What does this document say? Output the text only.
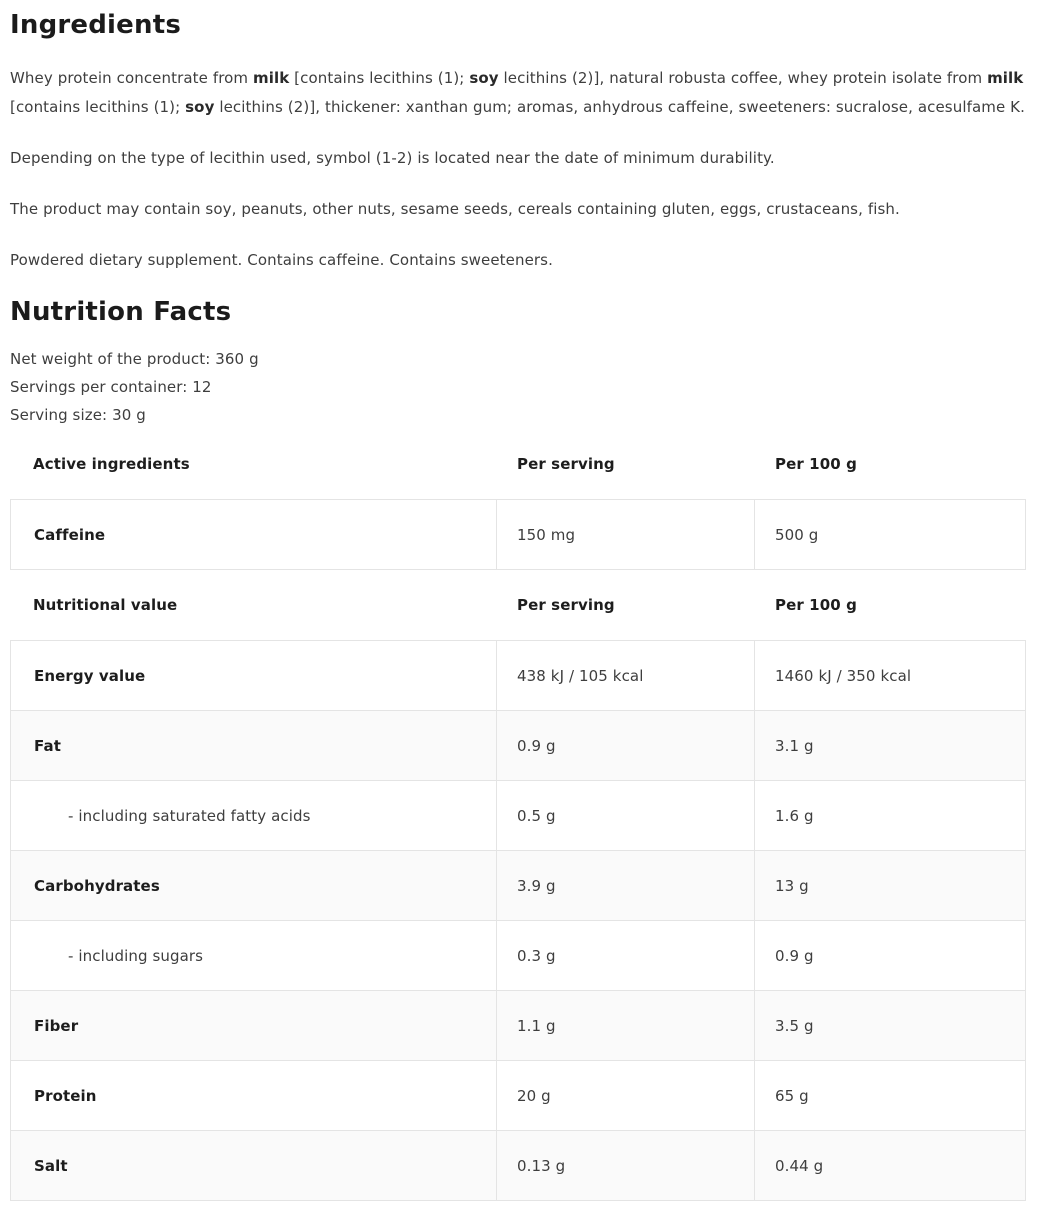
Ingredients

Whey protein concentrate from milk [contains lecithins (1); soy lecithins (2)], natural robusta coffee, whey protein isolate from milk [contains lecithins (1); soy lecithins (2)], thickener: xanthan gum; aromas, anhydrous caffeine, sweeteners: sucralose, acesulfame K.

Depending on the type of lecithin used, symbol (1-2) is located near the date of minimum durability.

The product may contain soy, peanuts, other nuts, sesame seeds, cereals containing gluten, eggs, crustaceans, fish.

Powdered dietary supplement. Contains caffeine. Contains sweeteners.

Nutrition Facts

Net weight of the product: 360 g

Servings per container: 12

Serving size: 30 g

Active ingredients	Per serving	Per 100 g
Caffeine	150 mg	500 g
Nutritional value	Per serving	Per 100 g
Energy value	438 kJ / 105 kcal	1460 kJ / 350 kcal
Fat	0.9 g	3.1 g
- including saturated fatty acids	0.5 g	1.6 g
Carbohydrates	3.9 g	13 g
- including sugars	0.3 g	0.9 g
Fiber	1.1 g	3.5 g
Protein	20 g	65 g
Salt	0.13 g	0.44 g
